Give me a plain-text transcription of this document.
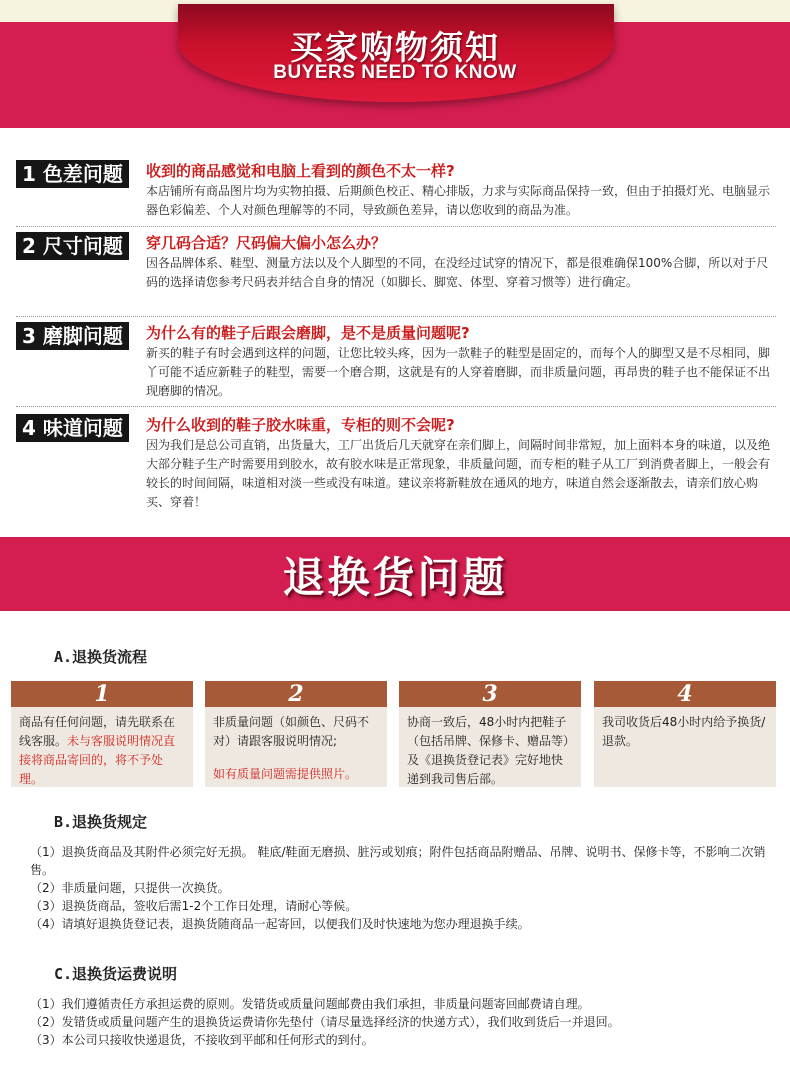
买家购物须知
BUYERS NEED TO KNOW
1 色差问题	收到的商品感觉和电脑上看到的颜色不太一样?
本店铺所有商品图片均为实物拍摄、后期颜色校正、精心排版，力求与实际商品保持一致，但由于拍摄灯光、电脑显示器色彩偏差、个人对颜色理解等的不同，导致颜色差异，请以您收到的商品为准。
2 尺寸问题	穿几码合适？尺码偏大偏小怎么办？
因各品牌体系、鞋型、测量方法以及个人脚型的不同，在没经过试穿的情况下，都是很难确保100%合脚，所以对于尺码的选择请您参考尺码表并结合自身的情况（如脚长、脚宽、体型、穿着习惯等）进行确定。
3 磨脚问题	为什么有的鞋子后跟会磨脚，是不是质量问题呢?
新买的鞋子有时会遇到这样的问题，让您比较头疼，因为一款鞋子的鞋型是固定的，而每个人的脚型又是不尽相同，脚丫可能不适应新鞋子的鞋型，需要一个磨合期，这就是有的人穿着磨脚，而非质量问题，再昂贵的鞋子也不能保证不出现磨脚的情况。
4 味道问题	为什么收到的鞋子胶水味重，专柜的则不会呢?
因为我们是总公司直销，出货量大，工厂出货后几天就穿在亲们脚上，间隔时间非常短，加上面料本身的味道，以及绝大部分鞋子生产时需要用到胶水，故有胶水味是正常现象，非质量问题，而专柜的鞋子从工厂到消费者脚上，一般会有较长的时间间隔，味道相对淡一些或没有味道。建议亲将新鞋放在通风的地方，味道自然会逐渐散去，请亲们放心购买、穿着！
退换货问题
A.退换货流程
1
商品有任何问题，请先联系在线客服。未与客服说明情况直接将商品寄回的，将不予处理。
2
非质量问题（如颜色、尺码不对）请跟客服说明情况;
如有质量问题需提供照片。
3
协商一致后，48小时内把鞋子（包括吊牌、保修卡、赠品等）及《退换货登记表》完好地快递到我司售后部。
4
我司收货后48小时内给予换货/退款。
B.退换货规定
（1）退换货商品及其附件必须完好无损。 鞋底/鞋面无磨损、脏污或划痕；附件包括商品附赠品、吊牌、说明书、保修卡等，不影响二次销售。
（2）非质量问题，只提供一次换货。
（3）退换货商品，签收后需1-2个工作日处理，请耐心等候。
（4）请填好退换货登记表，退换货随商品一起寄回，以便我们及时快速地为您办理退换手续。
C.退换货运费说明
（1）我们遵循责任方承担运费的原则。发错货或质量问题邮费由我们承担，非质量问题寄回邮费请自理。
（2）发错货或质量问题产生的退换货运费请你先垫付（请尽量选择经济的快递方式），我们收到货后一并退回。
（3）本公司只接收快递退货，不接收到平邮和任何形式的到付。
